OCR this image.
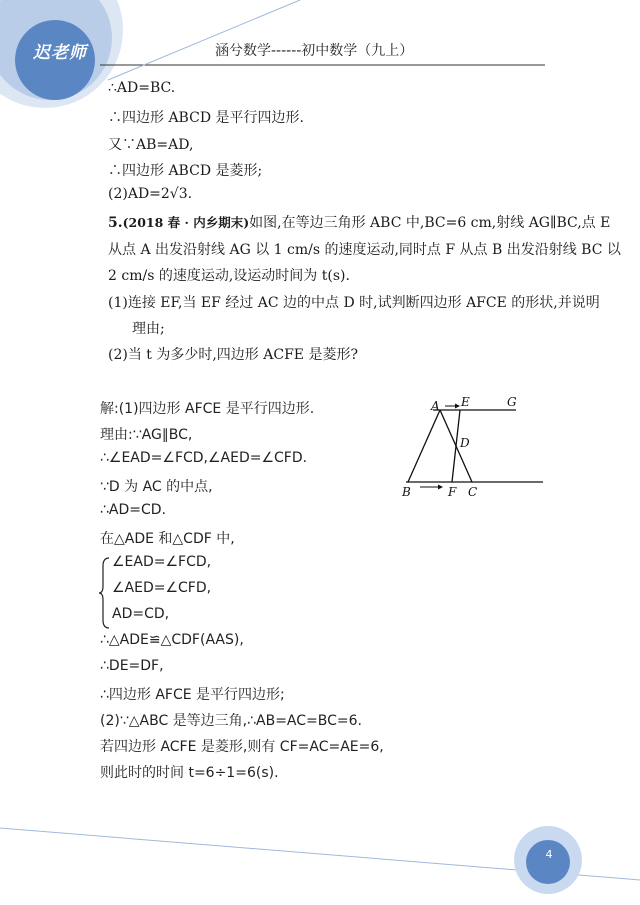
迟老师	涵兮数学------初中数学（九上）
∴AD=BC.
∴四边形 ABCD 是平行四边形.
又∵AB=AD,
∴四边形 ABCD 是菱形;
(2)AD=2√3.
5.(2018 春 · 内乡期末)如图,在等边三角形 ABC 中,BC=6 cm,射线 AG∥BC,点 E
从点 A 出发沿射线 AG 以 1 cm/s 的速度运动,同时点 F 从点 B 出发沿射线 BC 以
2 cm/s 的速度运动,设运动时间为 t(s).
(1)连接 EF,当 EF 经过 AC 边的中点 D 时,试判断四边形 AFCE 的形状,并说明
理由;
(2)当 t 为多少时,四边形 ACFE 是菱形?
A E	G
D
B	F C
解:(1)四边形 AFCE 是平行四边形.
理由:∵AG∥BC,
∴∠EAD=∠FCD,∠AED=∠CFD.
∵D 为 AC 的中点,
∴AD=CD.
在△ADE 和△CDF 中,
∠EAD=∠FCD,
∠AED=∠CFD,
AD=CD,
∴△ADE≌△CDF(AAS),
∴DE=DF,
∴四边形 AFCE 是平行四边形;
(2)∵△ABC 是等边三角,∴AB=AC=BC=6.
若四边形 ACFE 是菱形,则有 CF=AC=AE=6,
则此时的时间 t=6÷1=6(s).
4
